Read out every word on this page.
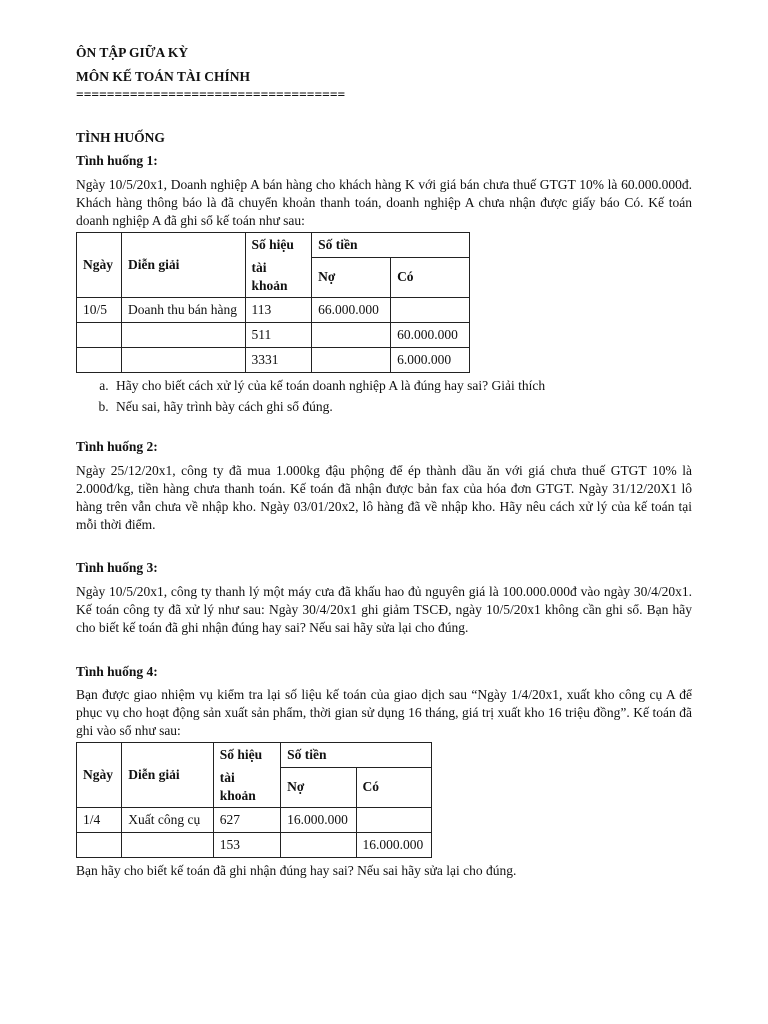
ÔN TẬP GIỮA KỲ
MÔN KẾ TOÁN TÀI CHÍNH
===================================
TÌNH HUỐNG
Tình huống 1:

Ngày 10/5/20x1, Doanh nghiệp A bán hàng cho khách hàng K với giá bán chưa thuế GTGT 10% là 60.000.000đ. Khách hàng thông báo là đã chuyển khoản thanh toán, doanh nghiệp A chưa nhận được giấy báo Có. Kế toán doanh nghiệp A đã ghi sổ kế toán như sau:

Ngày	Diễn giải	Số hiệu	Số tiền	
		tài khoản	Nợ	Có
10/5	Doanh thu bán hàng	113	66.000.000	
		511		60.000.000
		3331		6.000.000
a. Hãy cho biết cách xử lý của kế toán doanh nghiệp A là đúng hay sai? Giải thích
b. Nếu sai, hãy trình bày cách ghi sổ đúng.
Tình huống 2:

Ngày 25/12/20x1, công ty đã mua 1.000kg đậu phộng để ép thành dầu ăn với giá chưa thuế GTGT 10% là 2.000đ/kg, tiền hàng chưa thanh toán. Kế toán đã nhận được bản fax của hóa đơn GTGT. Ngày 31/12/20X1 lô hàng trên vẫn chưa về nhập kho. Ngày 03/01/20x2, lô hàng đã về nhập kho. Hãy nêu cách xử lý của kế toán tại mỗi thời điểm.

Tình huống 3:

Ngày 10/5/20x1, công ty thanh lý một máy cưa đã khấu hao đủ nguyên giá là 100.000.000đ vào ngày 30/4/20x1. Kế toán công ty đã xử lý như sau: Ngày 30/4/20x1 ghi giảm TSCĐ, ngày 10/5/20x1 không cần ghi sổ. Bạn hãy cho biết kế toán đã ghi nhận đúng hay sai? Nếu sai hãy sửa lại cho đúng.

Tình huống 4:

Bạn được giao nhiệm vụ kiểm tra lại số liệu kế toán của giao dịch sau “Ngày 1/4/20x1, xuất kho công cụ A để phục vụ cho hoạt động sản xuất sản phẩm, thời gian sử dụng 16 tháng, giá trị xuất kho 16 triệu đồng”. Kế toán đã ghi vào sổ như sau:

Ngày	Diễn giải	Số hiệu	Số tiền	
		tài khoản	Nợ	Có
1/4	Xuất công cụ	627	16.000.000	
		153		16.000.000

Bạn hãy cho biết kế toán đã ghi nhận đúng hay sai? Nếu sai hãy sửa lại cho đúng.
